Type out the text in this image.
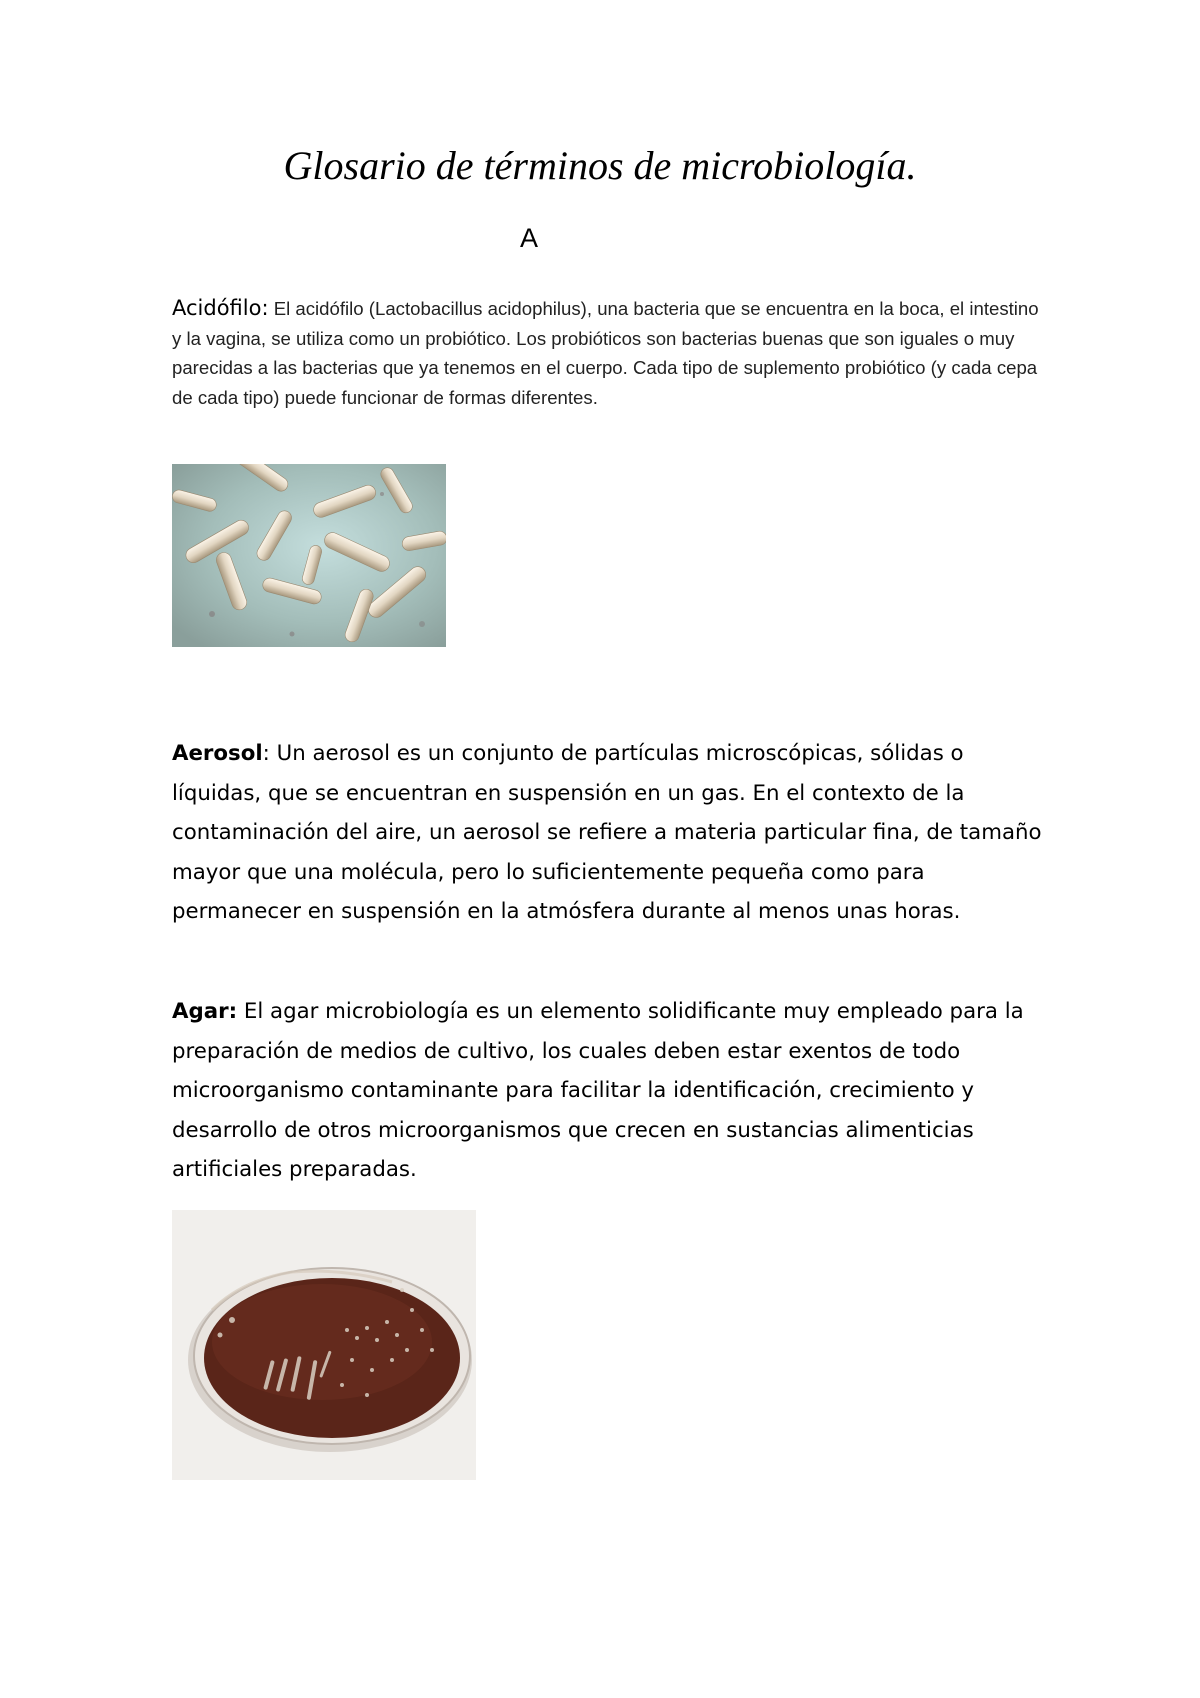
Glosario de términos de microbiología.
A

Acidófilo: El acidófilo (Lactobacillus acidophilus), una bacteria que se encuentra en la boca, el intestino y la vagina, se utiliza como un probiótico. Los probióticos son bacterias buenas que son iguales o muy parecidas a las bacterias que ya tenemos en el cuerpo. Cada tipo de suplemento probiótico (y cada cepa de cada tipo) puede funcionar de formas diferentes.

Aerosol: Un aerosol es un conjunto de partículas microscópicas, sólidas o líquidas, que se encuentran en suspensión en un gas. En el contexto de la contaminación del aire, un aerosol se refiere a materia particular fina, de tamaño mayor que una molécula, pero lo suficientemente pequeña como para permanecer en suspensión en la atmósfera durante al menos unas horas.

Agar: El agar microbiología es un elemento solidificante muy empleado para la preparación de medios de cultivo, los cuales deben estar exentos de todo microorganismo contaminante para facilitar la identificación, crecimiento y desarrollo de otros microorganismos que crecen en sustancias alimenticias artificiales preparadas.
